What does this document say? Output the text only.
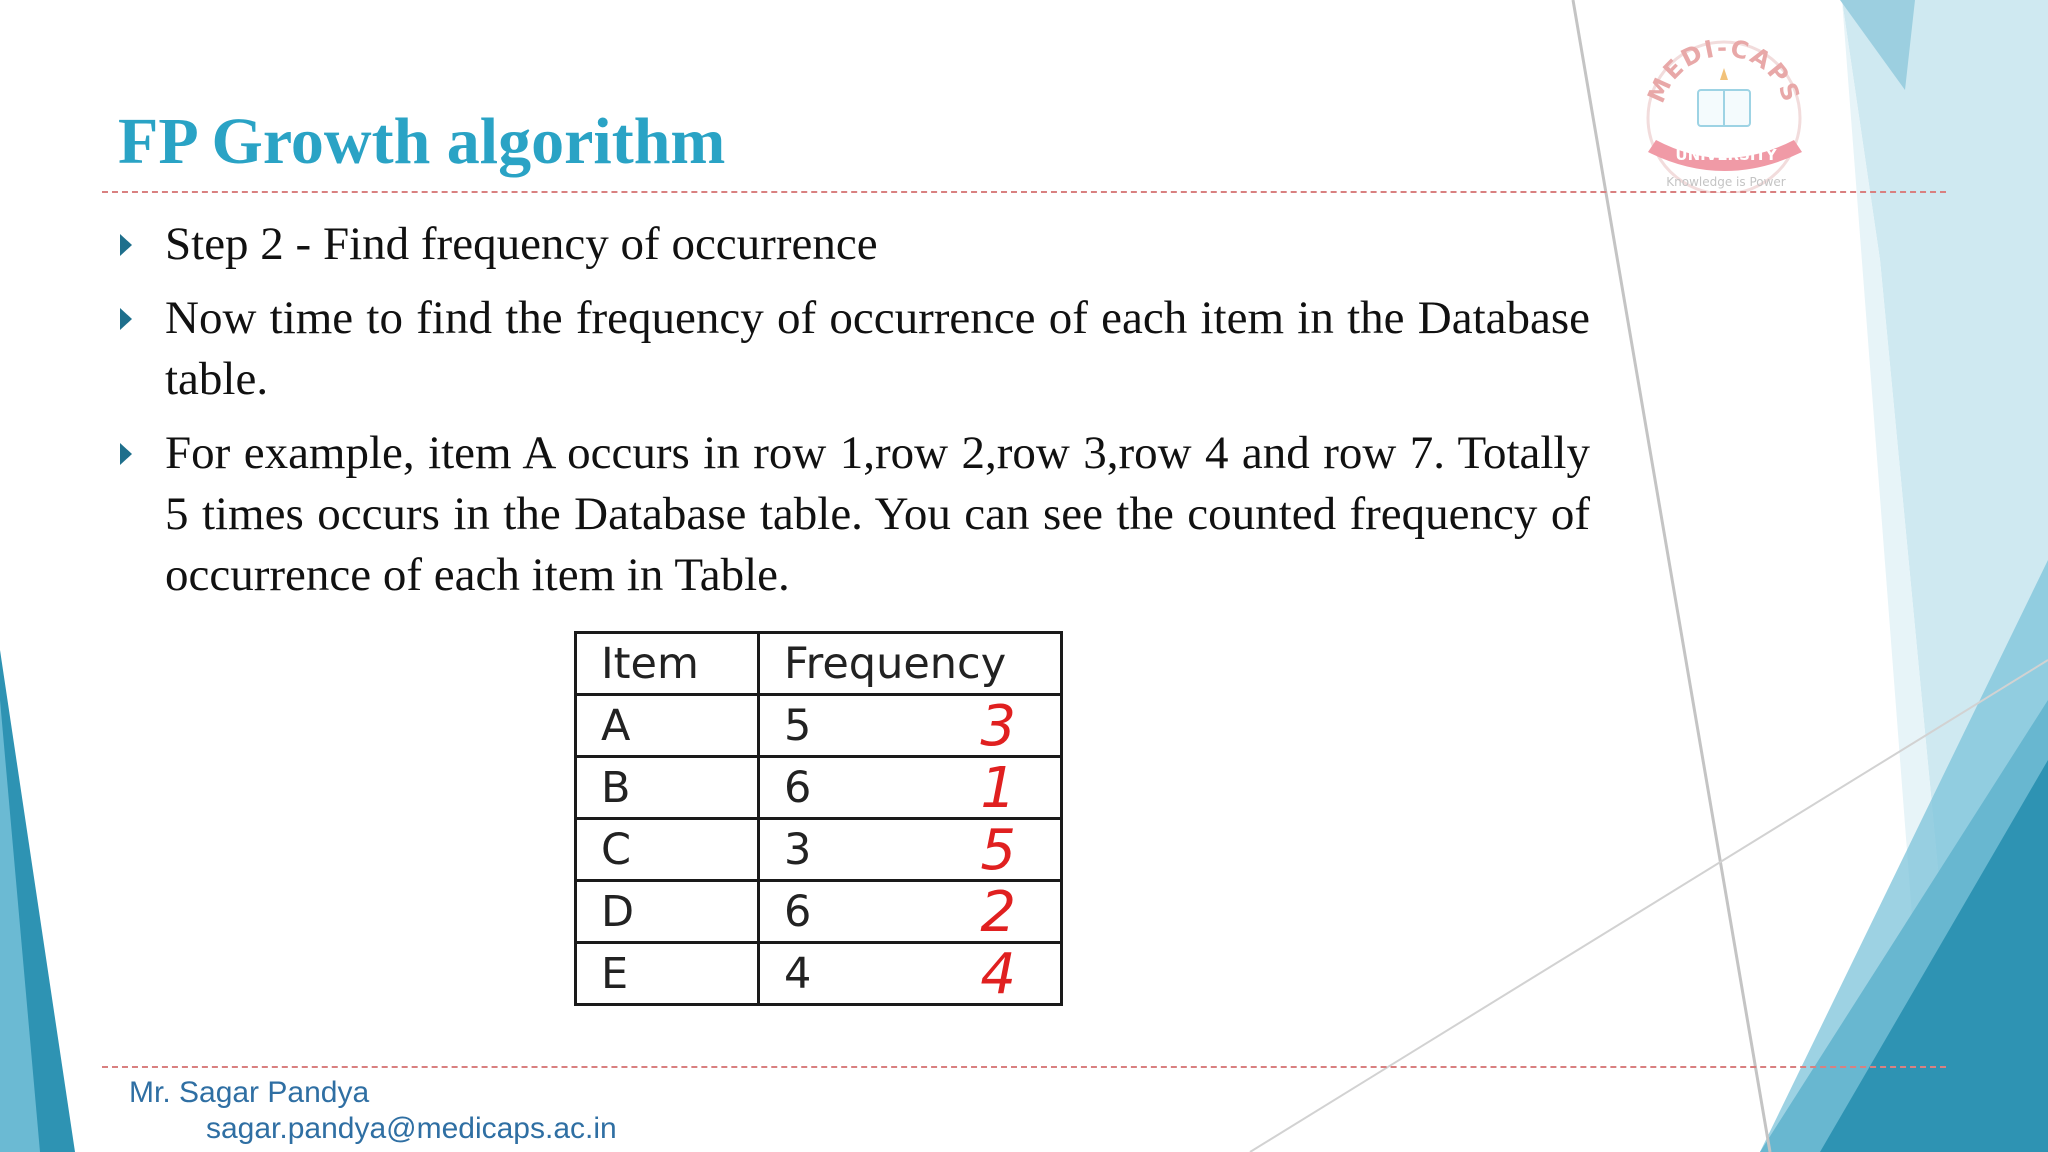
MEDI-CAPS
UNIVERSITY
Knowledge is Power
FP Growth algorithm
Step 2 - Find frequency of occurrence
Now time to find the frequency of occurrence of each item in the Database table.
For example, item A occurs in row 1,row 2,row 3,row 4 and row 7. Totally 5 times occurs in the Database table. You can see the counted frequency of occurrence of each item in Table.
Item	Frequency
A	5 3

B	6 1

C	3 5

D	6 2

E	4 4
Mr. Sagar Pandya
sagar.pandya@medicaps.ac.in
